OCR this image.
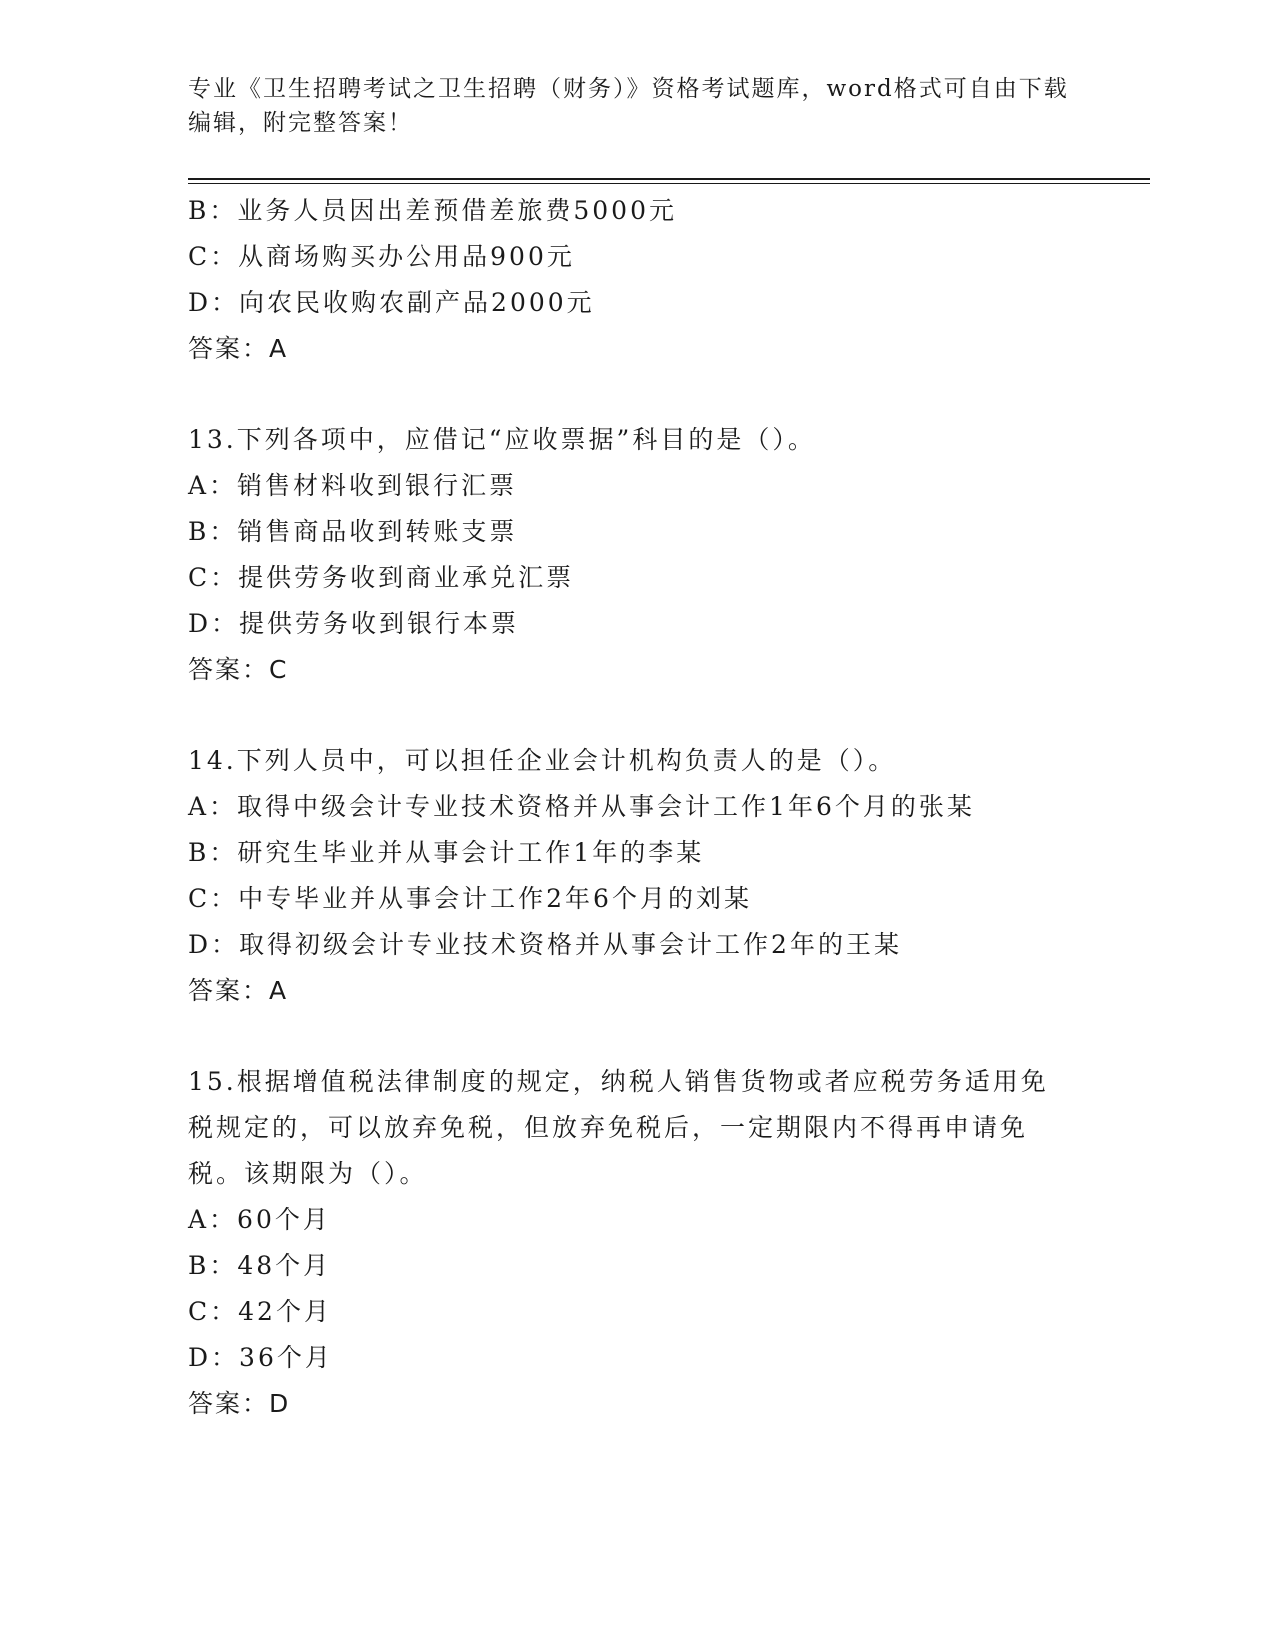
专业《卫生招聘考试之卫生招聘（财务）》资格考试题库，word格式可自由下载
编辑，附完整答案！
B：业务人员因出差预借差旅费5000元
C：从商场购买办公用品900元
D：向农民收购农副产品2000元
答案：A
13.下列各项中，应借记“应收票据”科目的是（）。
A：销售材料收到银行汇票
B：销售商品收到转账支票
C：提供劳务收到商业承兑汇票
D：提供劳务收到银行本票
答案：C
14.下列人员中，可以担任企业会计机构负责人的是（）。
A：取得中级会计专业技术资格并从事会计工作1年6个月的张某
B：研究生毕业并从事会计工作1年的李某
C：中专毕业并从事会计工作2年6个月的刘某
D：取得初级会计专业技术资格并从事会计工作2年的王某
答案：A
15.根据增值税法律制度的规定，纳税人销售货物或者应税劳务适用免
税规定的，可以放弃免税，但放弃免税后，一定期限内不得再申请免
税。该期限为（）。
A：60个月
B：48个月
C：42个月
D：36个月
答案：D
